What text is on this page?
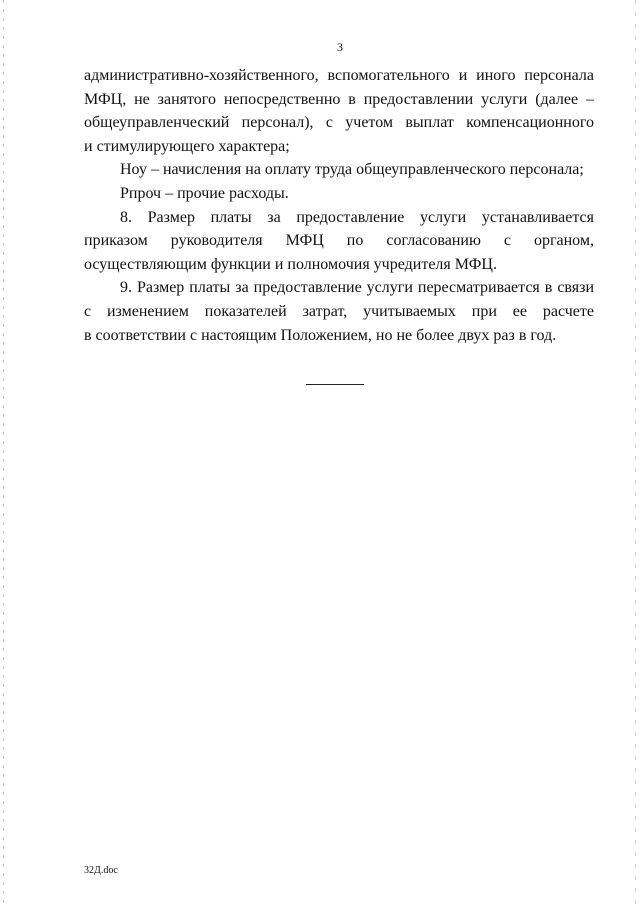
3
административно-хозяйственного, вспомогательного и иного персонала
МФЦ, не занятого непосредственно в предоставлении услуги (далее –
общеуправленческий персонал), с учетом выплат компенсационного
и стимулирующего характера;
Ноу – начисления на оплату труда общеуправленческого персонала;
Рпроч – прочие расходы.
8. Размер платы за предоставление услуги устанавливается
приказом руководителя МФЦ по согласованию с органом,
осуществляющим функции и полномочия учредителя МФЦ.
9. Размер платы за предоставление услуги пересматривается в связи
с изменением показателей затрат, учитываемых при ее расчете
в соответствии с настоящим Положением, но не более двух раз в год.
32Д.doc
